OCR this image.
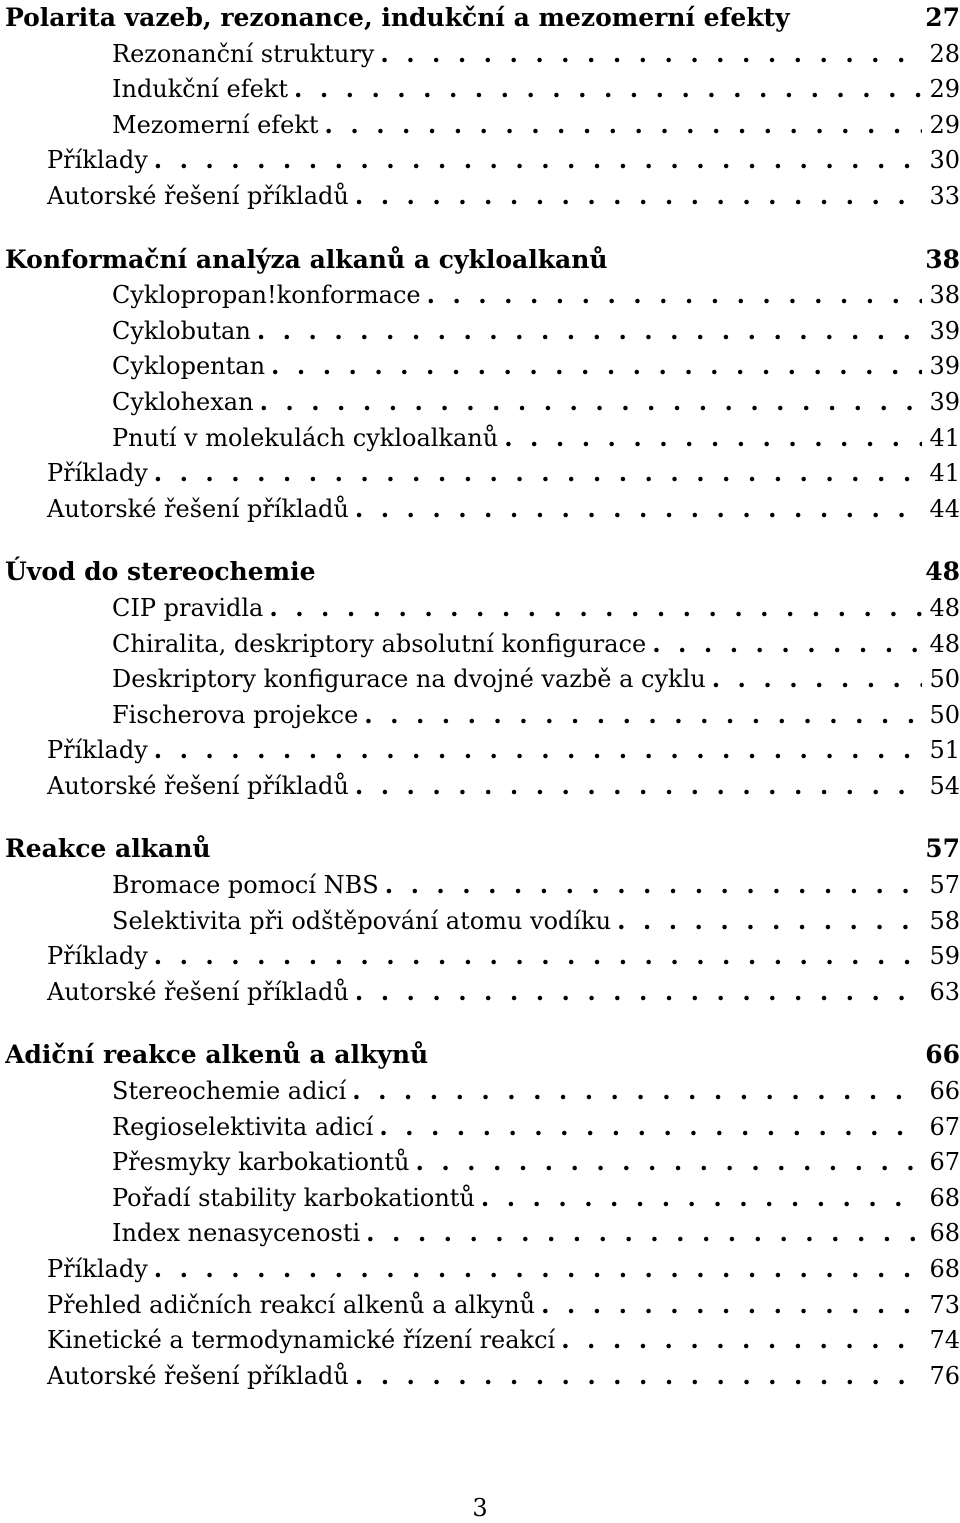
Polarita vazeb, rezonance, indukční a mezomerní efekty	27
Rezonanční struktury . . .	28
Indukční efekt . . .	29
Mezomerní efekt . . .	29
Příklady . . .	30
Autorské řešení příkladů . . .	33
Konformační analýza alkanů a cykloalkanů	38
Cyklopropan!konformace . . .	38
Cyklobutan . . .	39
Cyklopentan . . .	39
Cyklohexan . . .	39
Pnutí v molekulách cykloalkanů . . .	41
Příklady . . .	41
Autorské řešení příkladů . . .	44
Úvod do stereochemie	48
CIP pravidla . . .	48
Chiralita, deskriptory absolutní konfigurace . . .	48
Deskriptory konfigurace na dvojné vazbě a cyklu . . .	50
Fischerova projekce . . .	50
Příklady . . .	51
Autorské řešení příkladů . . .	54
Reakce alkanů	57
Bromace pomocí NBS . . .	57
Selektivita při odštěpování atomu vodíku . . .	58
Příklady . . .	59
Autorské řešení příkladů . . .	63
Adiční reakce alkenů a alkynů	66
Stereochemie adicí . . .	66
Regioselektivita adicí . . .	67
Přesmyky karbokationtů . . .	67
Pořadí stability karbokationtů . . .	68
Index nenasycenosti . . .	68
Příklady . . .	68
Přehled adičních reakcí alkenů a alkynů . . .	73
Kinetické a termodynamické řízení reakcí . . .	74
Autorské řešení příkladů . . .	76
3
